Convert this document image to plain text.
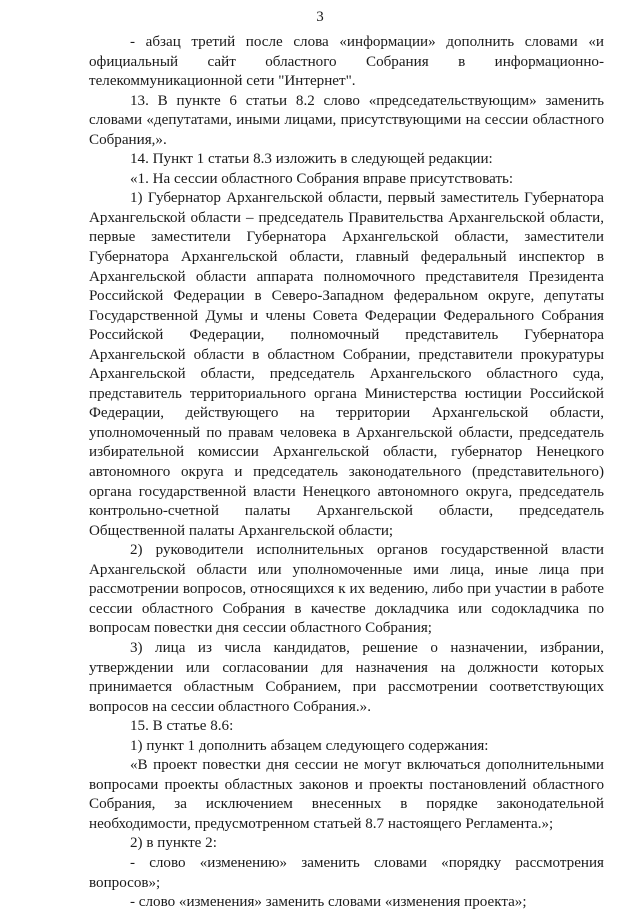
3

- абзац третий после слова «информации» дополнить словами «и официальный сайт областного Собрания в информационно-телекоммуникационной сети "Интернет".

13. В пункте 6 статьи 8.2 слово «председательствующим» заменить словами «депутатами, иными лицами, присутствующими на сессии областного Собрания,».

14. Пункт 1 статьи 8.3 изложить в следующей редакции:

«1. На сессии областного Собрания вправе присутствовать:

1) Губернатор Архангельской области, первый заместитель Губернатора Архангельской области – председатель Правительства Архангельской области, первые заместители Губернатора Архангельской области, заместители Губернатора Архангельской области, главный федеральный инспектор в Архангельской области аппарата полномочного представителя Президента Российской Федерации в Северо-Западном федеральном округе, депутаты Государственной Думы и члены Совета Федерации Федерального Собрания Российской Федерации, полномочный представитель Губернатора Архангельской области в областном Собрании, представители прокуратуры Архангельской области, председатель Архангельского областного суда, представитель территориального органа Министерства юстиции Российской Федерации, действующего на территории Архангельской области, уполномоченный по правам человека в Архангельской области, председатель избирательной комиссии Архангельской области, губернатор Ненецкого автономного округа и председатель законодательного (представительного) органа государственной власти Ненецкого автономного округа, председатель контрольно-счетной палаты Архангельской области, председатель Общественной палаты Архангельской области;

2) руководители исполнительных органов государственной власти Архангельской области или уполномоченные ими лица, иные лица при рассмотрении вопросов, относящихся к их ведению, либо при участии в работе сессии областного Собрания в качестве докладчика или содокладчика по вопросам повестки дня сессии областного Собрания;

3) лица из числа кандидатов, решение о назначении, избрании, утверждении или согласовании для назначения на должности которых принимается областным Собранием, при рассмотрении соответствующих вопросов на сессии областного Собрания.».

15. В статье 8.6:

1) пункт 1 дополнить абзацем следующего содержания:

«В проект повестки дня сессии не могут включаться дополнительными вопросами проекты областных законов и проекты постановлений областного Собрания, за исключением внесенных в порядке законодательной необходимости, предусмотренном статьей 8.7 настоящего Регламента.»;

2) в пункте 2:

- слово «изменению» заменить словами «порядку рассмотрения вопросов»;

- слово «изменения» заменить словами «изменения проекта»;
